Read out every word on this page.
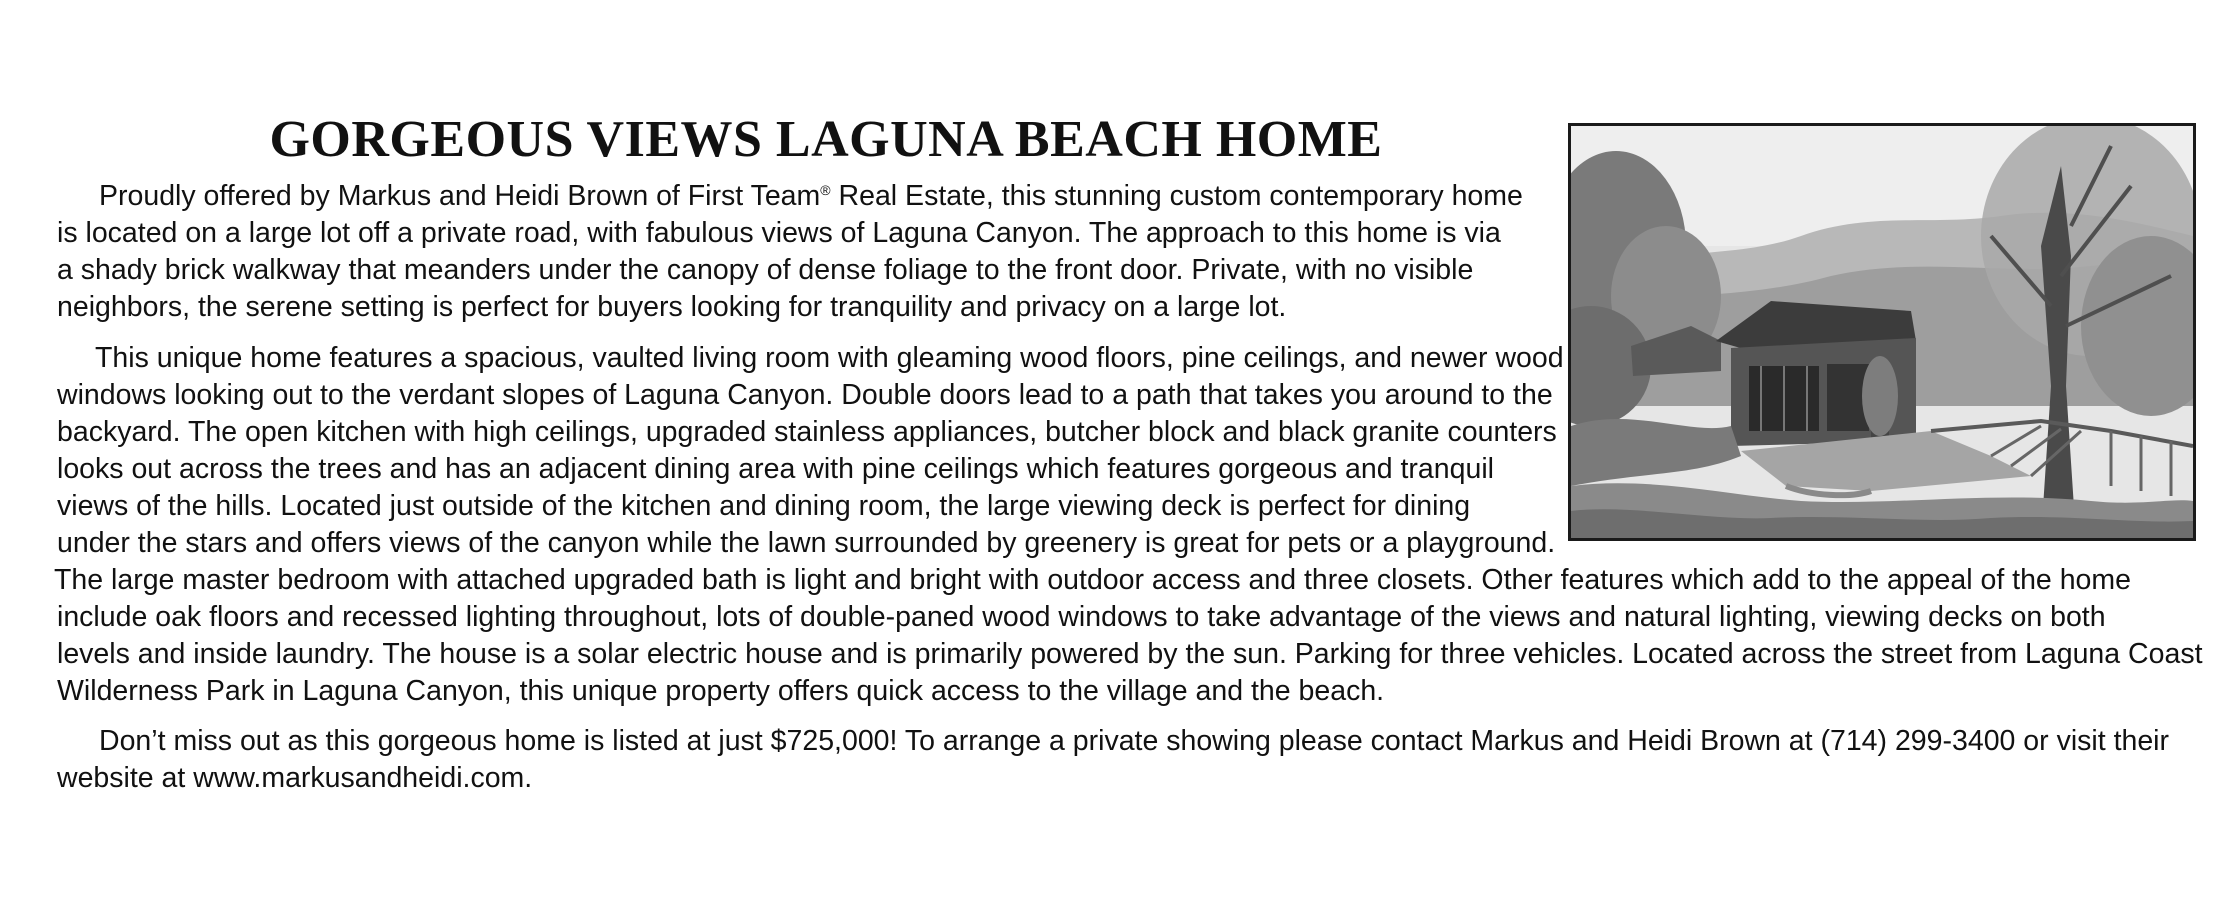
GORGEOUS VIEWS LAGUNA BEACH HOME

Proudly offered by Markus and Heidi Brown of First Team® Real Estate, this stunning custom contemporary home

is located on a large lot off a private road, with fabulous views of Laguna Canyon. The approach to this home is via

a shady brick walkway that meanders under the canopy of dense foliage to the front door. Private, with no visible

neighbors, the serene setting is perfect for buyers looking for tranquility and privacy on a large lot.

This unique home features a spacious, vaulted living room with gleaming wood floors, pine ceilings, and newer wood

windows looking out to the verdant slopes of Laguna Canyon. Double doors lead to a path that takes you around to the

backyard. The open kitchen with high ceilings, upgraded stainless appliances, butcher block and black granite counters

looks out across the trees and has an adjacent dining area with pine ceilings which features gorgeous and tranquil

views of the hills. Located just outside of the kitchen and dining room, the large viewing deck is perfect for dining

under the stars and offers views of the canyon while the lawn surrounded by greenery is great for pets or a playground.

The large master bedroom with attached upgraded bath is light and bright with outdoor access and three closets. Other features which add to the appeal of the home

include oak floors and recessed lighting throughout, lots of double-paned wood windows to take advantage of the views and natural lighting, viewing decks on both

levels and inside laundry. The house is a solar electric house and is primarily powered by the sun. Parking for three vehicles. Located across the street from Laguna Coast

Wilderness Park in Laguna Canyon, this unique property offers quick access to the village and the beach.

Don’t miss out as this gorgeous home is listed at just $725,000! To arrange a private showing please contact Markus and Heidi Brown at (714) 299-3400 or visit their

website at www.markusandheidi.com.
